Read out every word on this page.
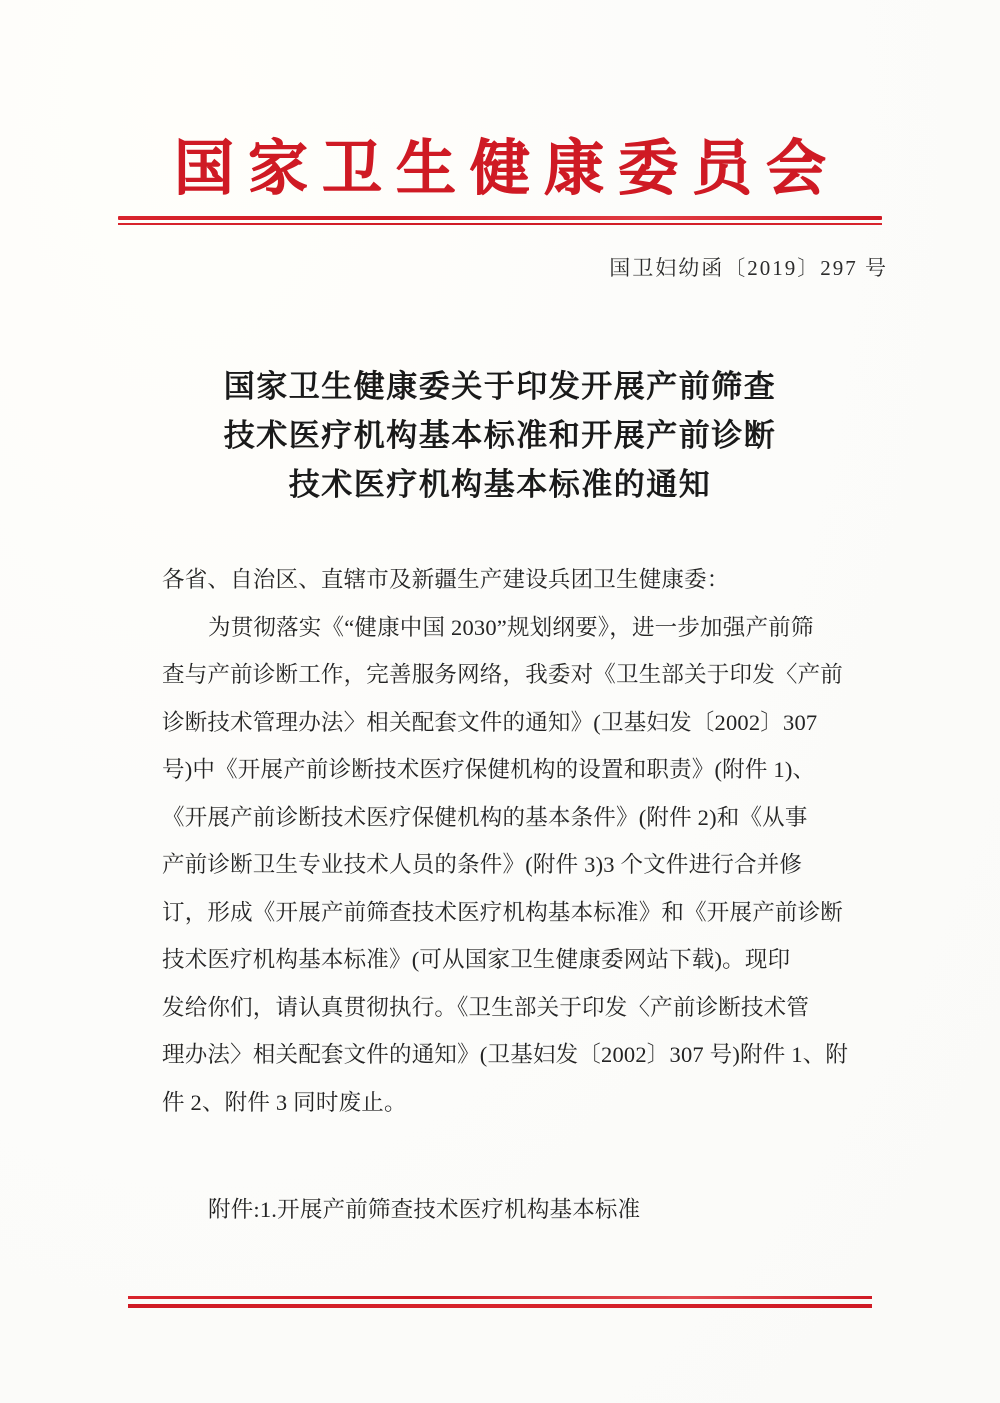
国家卫生健康委员会
国卫妇幼函〔2019〕297 号
国家卫生健康委关于印发开展产前筛查
技术医疗机构基本标准和开展产前诊断
技术医疗机构基本标准的通知
各省、自治区、直辖市及新疆生产建设兵团卫生健康委：
为贯彻落实《“健康中国 2030”规划纲要》，进一步加强产前筛
查与产前诊断工作，完善服务网络，我委对《卫生部关于印发〈产前
诊断技术管理办法〉相关配套文件的通知》(卫基妇发〔2002〕307
号)中《开展产前诊断技术医疗保健机构的设置和职责》(附件 1)、
《开展产前诊断技术医疗保健机构的基本条件》(附件 2)和《从事
产前诊断卫生专业技术人员的条件》(附件 3)3 个文件进行合并修
订，形成《开展产前筛查技术医疗机构基本标准》和《开展产前诊断
技术医疗机构基本标准》(可从国家卫生健康委网站下载)。现印
发给你们，请认真贯彻执行。《卫生部关于印发〈产前诊断技术管
理办法〉相关配套文件的通知》(卫基妇发〔2002〕307 号)附件 1、附
件 2、附件 3 同时废止。
附件:1.开展产前筛查技术医疗机构基本标准
